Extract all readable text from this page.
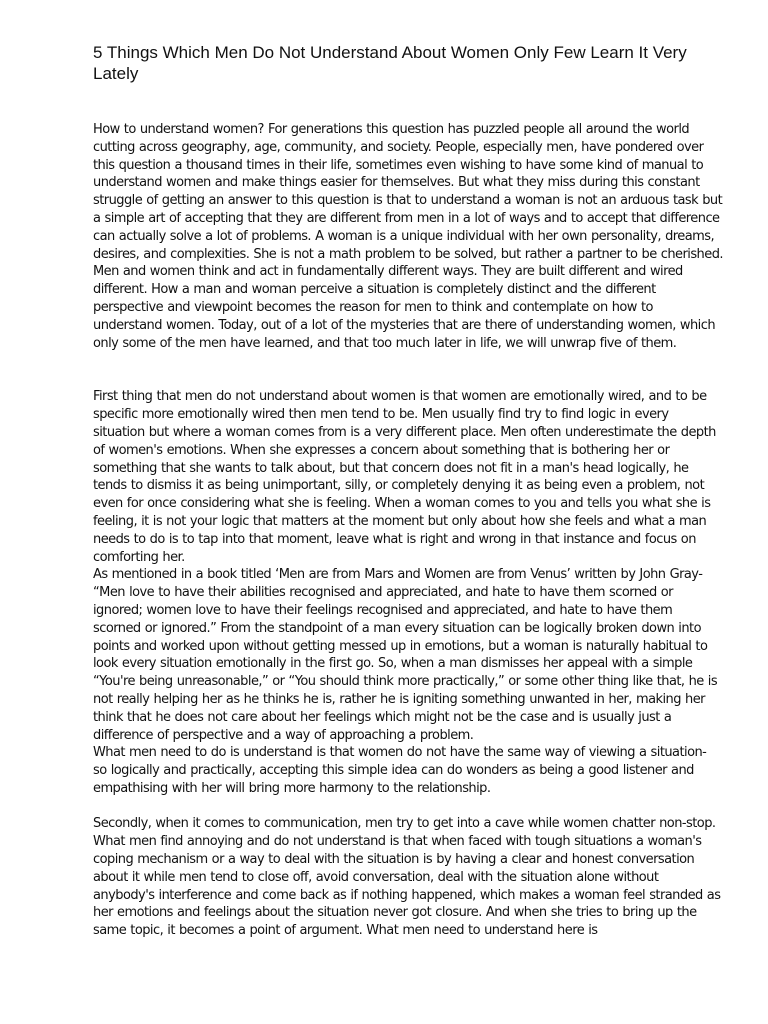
5 Things Which Men Do Not Understand About Women Only Few Learn It Very Lately

How to understand women? For generations this question has puzzled people all around the world cutting across geography, age, community, and society. People, especially men, have pondered over this question a thousand times in their life, sometimes even wishing to have some kind of manual to understand women and make things easier for themselves. But what they miss during this constant struggle of getting an answer to this question is that to understand a woman is not an arduous task but a simple art of accepting that they are different from men in a lot of ways and to accept that difference can actually solve a lot of problems. A woman is a unique individual with her own personality, dreams, desires, and complexities. She is not a math problem to be solved, but rather a partner to be cherished.

Men and women think and act in fundamentally different ways. They are built different and wired different. How a man and woman perceive a situation is completely distinct and the different perspective and viewpoint becomes the reason for men to think and contemplate on how to understand women. Today, out of a lot of the mysteries that are there of understanding women, which only some of the men have learned, and that too much later in life, we will unwrap five of them.

First thing that men do not understand about women is that women are emotionally wired, and to be specific more emotionally wired then men tend to be. Men usually find try to find logic in every situation but where a woman comes from is a very different place. Men often underestimate the depth of women's emotions. When she expresses a concern about something that is bothering her or something that she wants to talk about, but that concern does not fit in a man's head logically, he tends to dismiss it as being unimportant, silly, or completely denying it as being even a problem, not even for once considering what she is feeling. When a woman comes to you and tells you what she is feeling, it is not your logic that matters at the moment but only about how she feels and what a man needs to do is to tap into that moment, leave what is right and wrong in that instance and focus on comforting her.

As mentioned in a book titled ‘Men are from Mars and Women are from Venus’ written by John Gray- “Men love to have their abilities recognised and appreciated, and hate to have them scorned or ignored; women love to have their feelings recognised and appreciated, and hate to have them scorned or ignored.” From the standpoint of a man every situation can be logically broken down into points and worked upon without getting messed up in emotions, but a woman is naturally habitual to look every situation emotionally in the first go. So, when a man dismisses her appeal with a simple “You're being unreasonable,” or “You should think more practically,” or some other thing like that, he is not really helping her as he thinks he is, rather he is igniting something unwanted in her, making her think that he does not care about her feelings which might not be the case and is usually just a difference of perspective and a way of approaching a problem.

What men need to do is understand is that women do not have the same way of viewing a situation- so logically and practically, accepting this simple idea can do wonders as being a good listener and empathising with her will bring more harmony to the relationship.

Secondly, when it comes to communication, men try to get into a cave while women chatter non-stop. What men find annoying and do not understand is that when faced with tough situations a woman's coping mechanism or a way to deal with the situation is by having a clear and honest conversation about it while men tend to close off, avoid conversation, deal with the situation alone without anybody's interference and come back as if nothing happened, which makes a woman feel stranded as her emotions and feelings about the situation never got closure. And when she tries to bring up the same topic, it becomes a point of argument. What men need to understand here is
